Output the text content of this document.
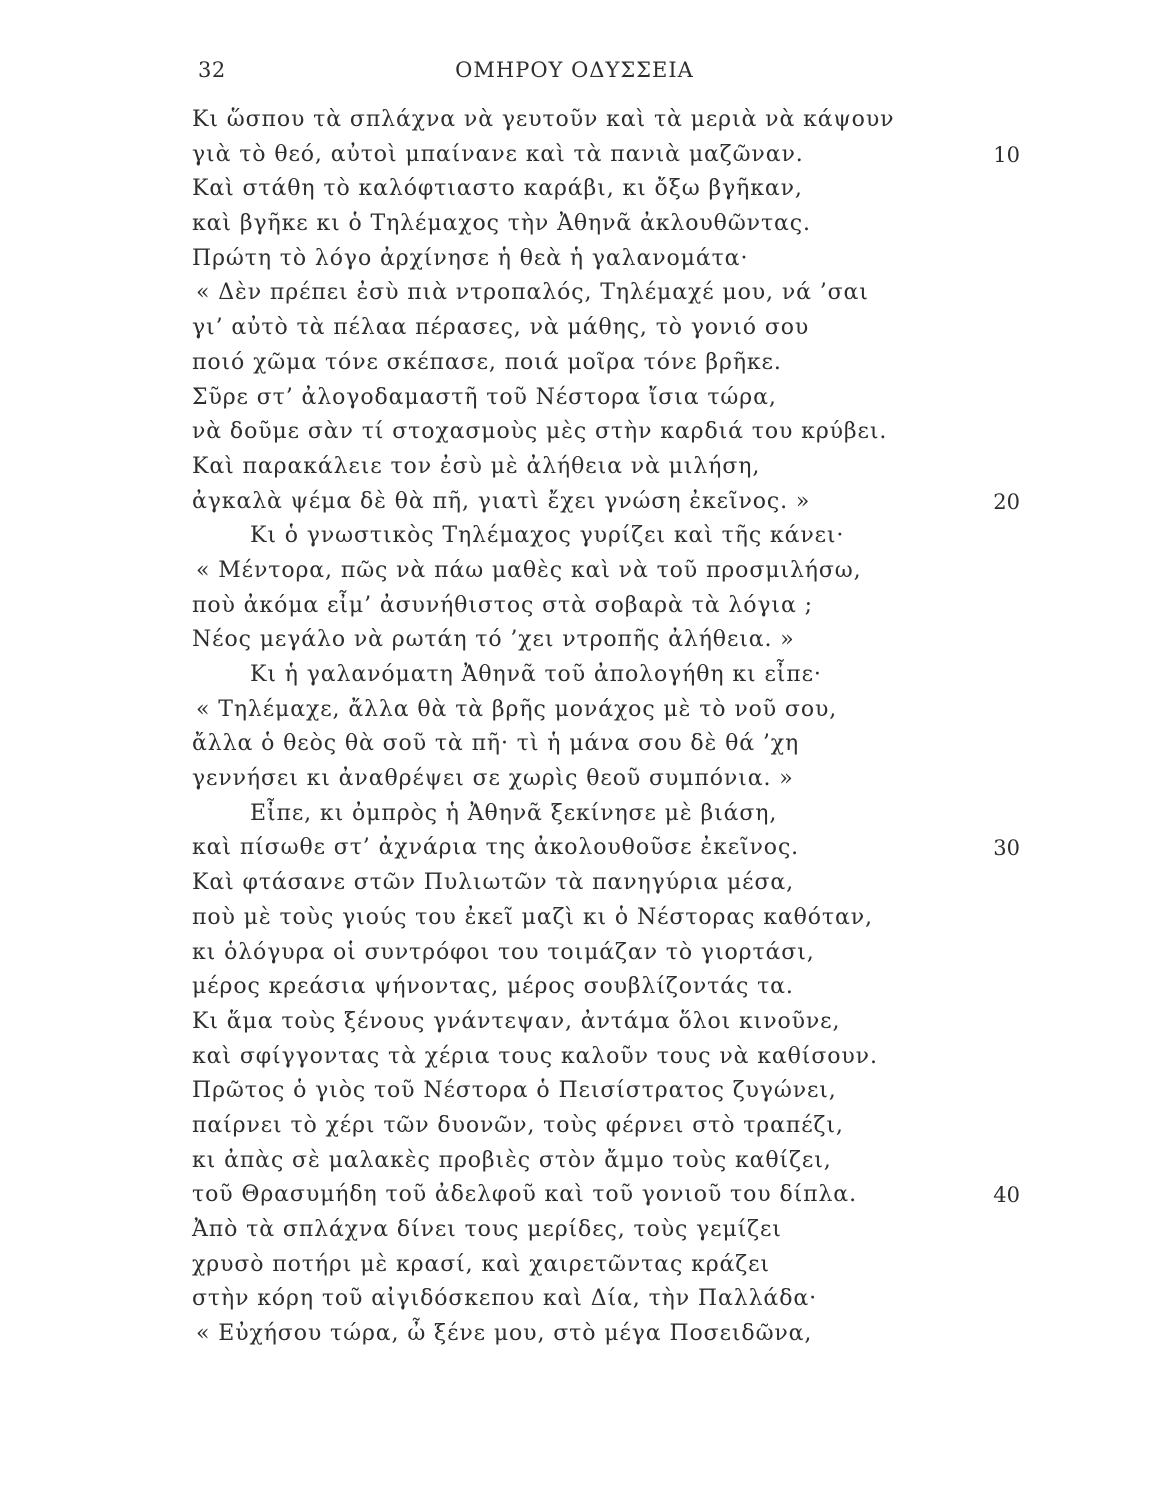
32	ΟΜΗΡΟΥ ΟΔΥΣΣΕΙΑ
Κι ὥσπου τὰ σπλάχνα νὰ γευτοῦν καὶ τὰ μεριὰ νὰ κάψουν
γιὰ τὸ θεό, αὐτοὶ μπαίνανε καὶ τὰ πανιὰ μαζῶναν.	10
Καὶ στάθη τὸ καλόφτιαστο καράβι, κι ὄξω βγῆκαν,
καὶ βγῆκε κι ὁ Τηλέμαχος τὴν Ἀθηνᾶ ἀκλουθῶντας.
Πρώτη τὸ λόγο ἀρχίνησε ἡ θεὰ ἡ γαλανομάτα·
« Δὲν πρέπει ἐσὺ πιὰ ντροπαλός, Τηλέμαχέ μου, νά ’σαι
γι’ αὐτὸ τὰ πέλαα πέρασες, νὰ μάθης, τὸ γονιό σου
ποιό χῶμα τόνε σκέπασε, ποιά μοῖρα τόνε βρῆκε.
Σῦρε στ’ ἀλογοδαμαστῆ τοῦ Νέστορα ἴσια τώρα,
νὰ δοῦμε σὰν τί στοχασμοὺς μὲς στὴν καρδιά του κρύβει.
Καὶ παρακάλειε τον ἐσὺ μὲ ἀλήθεια νὰ μιλήση,
ἀγκαλὰ ψέμα δὲ θὰ πῆ, γιατὶ ἔχει γνώση ἐκεῖνος. »	20
Κι ὁ γνωστικὸς Τηλέμαχος γυρίζει καὶ τῆς κάνει·
« Μέντορα, πῶς νὰ πάω μαθὲς καὶ νὰ τοῦ προσμιλήσω,
ποὺ ἀκόμα εἶμ’ ἀσυνήθιστος στὰ σοβαρὰ τὰ λόγια ;
Νέος μεγάλο νὰ ρωτάη τό ’χει ντροπῆς ἀλήθεια. »
Κι ἡ γαλανόματη Ἀθηνᾶ τοῦ ἀπολογήθη κι εἶπε·
« Τηλέμαχε, ἄλλα θὰ τὰ βρῆς μονάχος μὲ τὸ νοῦ σου,
ἄλλα ὁ θεὸς θὰ σοῦ τὰ πῆ· τὶ ἡ μάνα σου δὲ θά ’χη
γεννήσει κι ἀναθρέψει σε χωρὶς θεοῦ συμπόνια. »
Εἶπε, κι ὀμπρὸς ἡ Ἀθηνᾶ ξεκίνησε μὲ βιάση,
καὶ πίσωθε στ’ ἀχνάρια της ἀκολουθοῦσε ἐκεῖνος.	30
Καὶ φτάσανε στῶν Πυλιωτῶν τὰ πανηγύρια μέσα,
ποὺ μὲ τοὺς γιούς του ἐκεῖ μαζὶ κι ὁ Νέστορας καθόταν,
κι ὁλόγυρα οἱ συντρόφοι του τοιμάζαν τὸ γιορτάσι,
μέρος κρεάσια ψήνοντας, μέρος σουβλίζοντάς τα.
Κι ἅμα τοὺς ξένους γνάντεψαν, ἀντάμα ὅλοι κινοῦνε,
καὶ σφίγγοντας τὰ χέρια τους καλοῦν τους νὰ καθίσουν.
Πρῶτος ὁ γιὸς τοῦ Νέστορα ὁ Πεισίστρατος ζυγώνει,
παίρνει τὸ χέρι τῶν δυονῶν, τοὺς φέρνει στὸ τραπέζι,
κι ἀπὰς σὲ μαλακὲς προβιὲς στὸν ἄμμο τοὺς καθίζει,
τοῦ Θρασυμήδη τοῦ ἀδελφοῦ καὶ τοῦ γονιοῦ του δίπλα.	40
Ἀπὸ τὰ σπλάχνα δίνει τους μερίδες, τοὺς γεμίζει
χρυσὸ ποτήρι μὲ κρασί, καὶ χαιρετῶντας κράζει
στὴν κόρη τοῦ αἰγιδόσκεπου καὶ Δία, τὴν Παλλάδα·
« Εὐχήσου τώρα, ὦ ξένε μου, στὸ μέγα Ποσειδῶνα,
